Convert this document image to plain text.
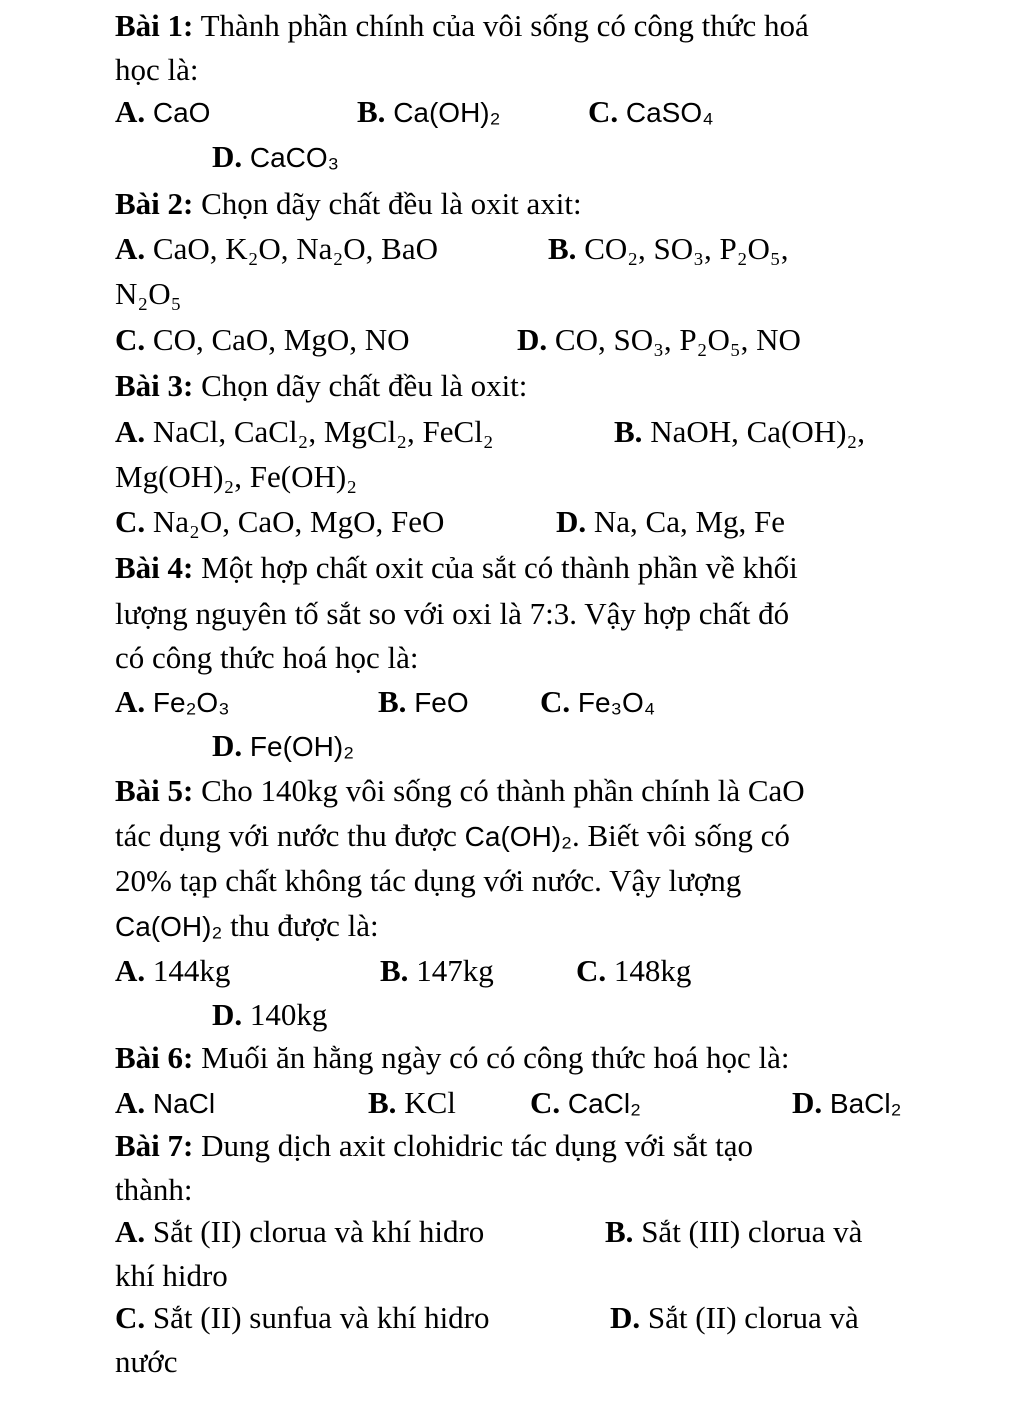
Bài 1: Thành phần chính của vôi sống có công thức hoá
học là:
A. CaO	B. Ca(OH)₂	C. CaSO₄
D. CaCO₃
Bài 2: Chọn dãy chất đều là oxit axit:
A. CaO, K₂O, Na₂O, BaO	B. CO₂, SO₃, P₂O₅,
N₂O₅
C. CO, CaO, MgO, NO	D. CO, SO₃, P₂O₅, NO
Bài 3: Chọn dãy chất đều là oxit:
A. NaCl, CaCl₂, MgCl₂, FeCl₂	B. NaOH, Ca(OH)₂,
Mg(OH)₂, Fe(OH)₂
C. Na₂O, CaO, MgO, FeO	D. Na, Ca, Mg, Fe
Bài 4: Một hợp chất oxit của sắt có thành phần về khối
lượng nguyên tố sắt so với oxi là 7:3. Vậy hợp chất đó
có công thức hoá học là:
A. Fe₂O₃	B. FeO C. Fe₃O₄
D. Fe(OH)₂
Bài 5: Cho 140kg vôi sống có thành phần chính là CaO
tác dụng với nước thu được Ca(OH)₂. Biết vôi sống có
20% tạp chất không tác dụng với nước. Vậy lượng
Ca(OH)₂ thu được là:
A. 144kg	B. 147kg	C. 148kg
D. 140kg
Bài 6: Muối ăn hằng ngày có có công thức hoá học là:
A. NaCl	B. KCl C. CaCl₂	D. BaCl₂
Bài 7: Dung dịch axit clohidric tác dụng với sắt tạo
thành:
A. Sắt (II) clorua và khí hidro	B. Sắt (III) clorua và
khí hidro
C. Sắt (II) sunfua và khí hidro	D. Sắt (II) clorua và
nước
